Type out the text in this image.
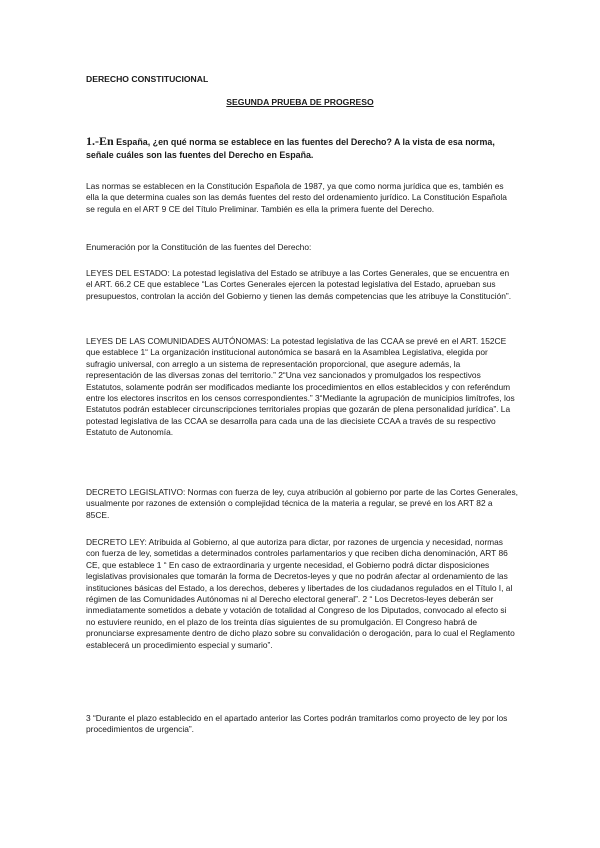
DERECHO CONSTITUCIONAL
SEGUNDA PRUEBA DE PROGRESO

1.-En España, ¿en qué norma se establece en las fuentes del Derecho? A la vista de esa norma, señale cuáles son las fuentes del Derecho en España.

Las normas se establecen en la Constitución Española de 1987, ya que como norma jurídica que es, también es ella la que determina cuales son las demás fuentes del resto del ordenamiento jurídico. La Constitución Española se regula en el ART 9 CE del Título Preliminar. También es ella la primera fuente del Derecho.

Enumeración por la Constitución de las fuentes del Derecho:

LEYES DEL ESTADO: La potestad legislativa del Estado se atribuye a las Cortes Generales, que se encuentra en el ART. 66.2 CE que establece “Las Cortes Generales ejercen la potestad legislativa del Estado, aprueban sus presupuestos, controlan la acción del Gobierno y tienen las demás competencias que les atribuye la Constitución”.

LEYES DE LAS COMUNIDADES AUTÓNOMAS: La potestad legislativa de las CCAA se prevé en el ART. 152CE que establece 1“ La organización institucional autonómica se basará en la Asamblea Legislativa, elegida por sufragio universal, con arreglo a un sistema de representación proporcional, que asegure además, la representación de las diversas zonas del territorio.” 2“Una vez sancionados y promulgados los respectivos Estatutos, solamente podrán ser modificados mediante los procedimientos en ellos establecidos y con referéndum entre los electores inscritos en los censos correspondientes.” 3“Mediante la agrupación de municipios limítrofes, los Estatutos podrán establecer circunscripciones territoriales propias que gozarán de plena personalidad jurídica”. La potestad legislativa de las CCAA se desarrolla para cada una de las diecisiete CCAA a través de su respectivo Estatuto de Autonomía.

DECRETO LEGISLATIVO: Normas con fuerza de ley, cuya atribución al gobierno por parte de las Cortes Generales, usualmente por razones de extensión o complejidad técnica de la materia a regular, se prevé en los ART 82 a 85CE.

DECRETO LEY: Atribuida al Gobierno, al que autoriza para dictar, por razones de urgencia y necesidad, normas con fuerza de ley, sometidas a determinados controles parlamentarios y que reciben dicha denominación, ART 86 CE, que establece 1 “ En caso de extraordinaria y urgente necesidad, el Gobierno podrá dictar disposiciones legislativas provisionales que tomarán la forma de Decretos-leyes y que no podrán afectar al ordenamiento de las instituciones básicas del Estado, a los derechos, deberes y libertades de los ciudadanos regulados en el Título I, al régimen de las Comunidades Autónomas ni al Derecho electoral general”. 2 “ Los Decretos-leyes deberán ser inmediatamente sometidos a debate y votación de totalidad al Congreso de los Diputados, convocado al efecto si no estuviere reunido, en el plazo de los treinta días siguientes de su promulgación. El Congreso habrá de pronunciarse expresamente dentro de dicho plazo sobre su convalidación o derogación, para lo cual el Reglamento establecerá un procedimiento especial y sumario”.

3 “Durante el plazo establecido en el apartado anterior las Cortes podrán tramitarlos como proyecto de ley por los procedimientos de urgencia”.
